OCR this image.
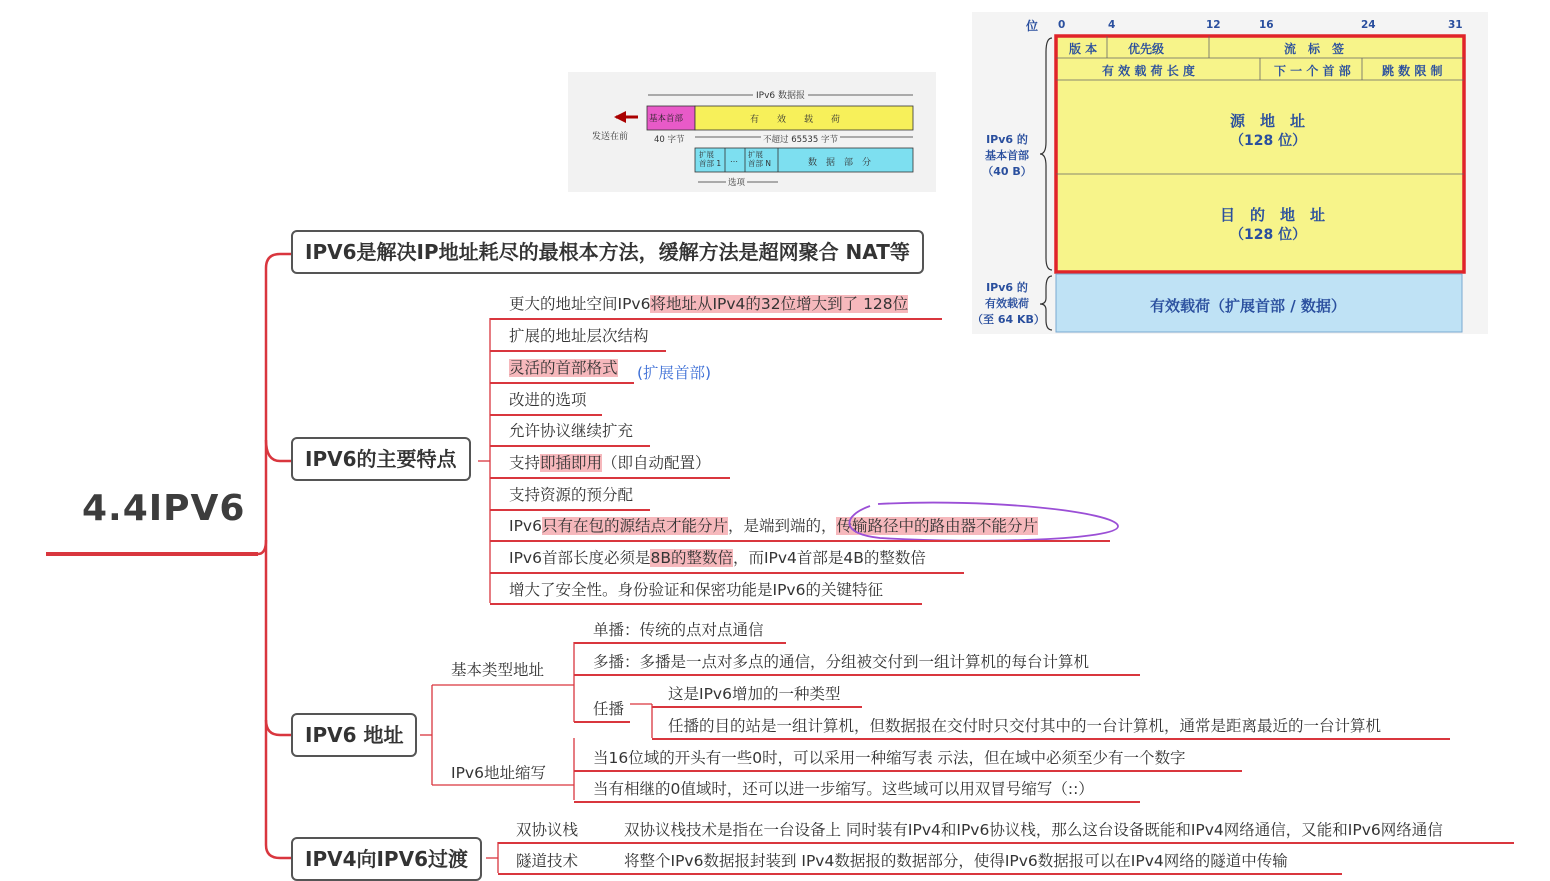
IPv6 数据报
基本首部	有　　效　　载　　荷
发送在前	40 字节	不超过 65535 字节
扩展
首部 1 …
扩展
首部 N	数　据　部　分
选项
位 0	4	12	16	24	31
版 本	优先级	流　标　签
有 效 载 荷 长 度	下 一 个 首 部	跳 数 限 制
源　地　址
（128 位）
目　的　地　址
（128 位）
IPv6 的
基本首部
（40 B）
IPv6 的
有效载荷
（至 64 KB）
有效载荷（扩展首部 / 数据）
4.4IPV6
IPV6是解决IP地址耗尽的最根本方法，缓解方法是超网聚合 NAT等
IPV6的主要特点
更大的地址空间IPv6将地址从IPv4的32位增大到了 128位
扩展的地址层次结构
灵活的首部格式 (扩展首部)
改进的选项
允许协议继续扩充
支持即插即用（即自动配置）
支持资源的预分配
IPv6只有在包的源结点才能分片，是端到端的，传输路径中的路由器不能分片
IPv6首部长度必须是8B的整数倍，而IPv4首部是4B的整数倍
增大了安全性。身份验证和保密功能是IPv6的关键特征
IPV6 地址
基本类型地址
单播：传统的点对点通信
多播：多播是一点对多点的通信，分组被交付到一组计算机的每台计算机
任播
这是IPv6增加的一种类型
任播的目的站是一组计算机，但数据报在交付时只交付其中的一台计算机，通常是距离最近的一台计算机
IPv6地址缩写
当16位域的开头有一些0时，可以采用一种缩写表 示法，但在域中必须至少有一个数字
当有相继的0值域时，还可以进一步缩写。这些域可以用双冒号缩写（::）
IPV4向IPV6过渡
双协议栈	双协议栈技术是指在一台设备上 同时装有IPv4和IPv6协议栈，那么这台设备既能和IPv4网络通信，又能和IPv6网络通信
隧道技术	将整个IPv6数据报封装到 IPv4数据报的数据部分，使得IPv6数据报可以在IPv4网络的隧道中传输
